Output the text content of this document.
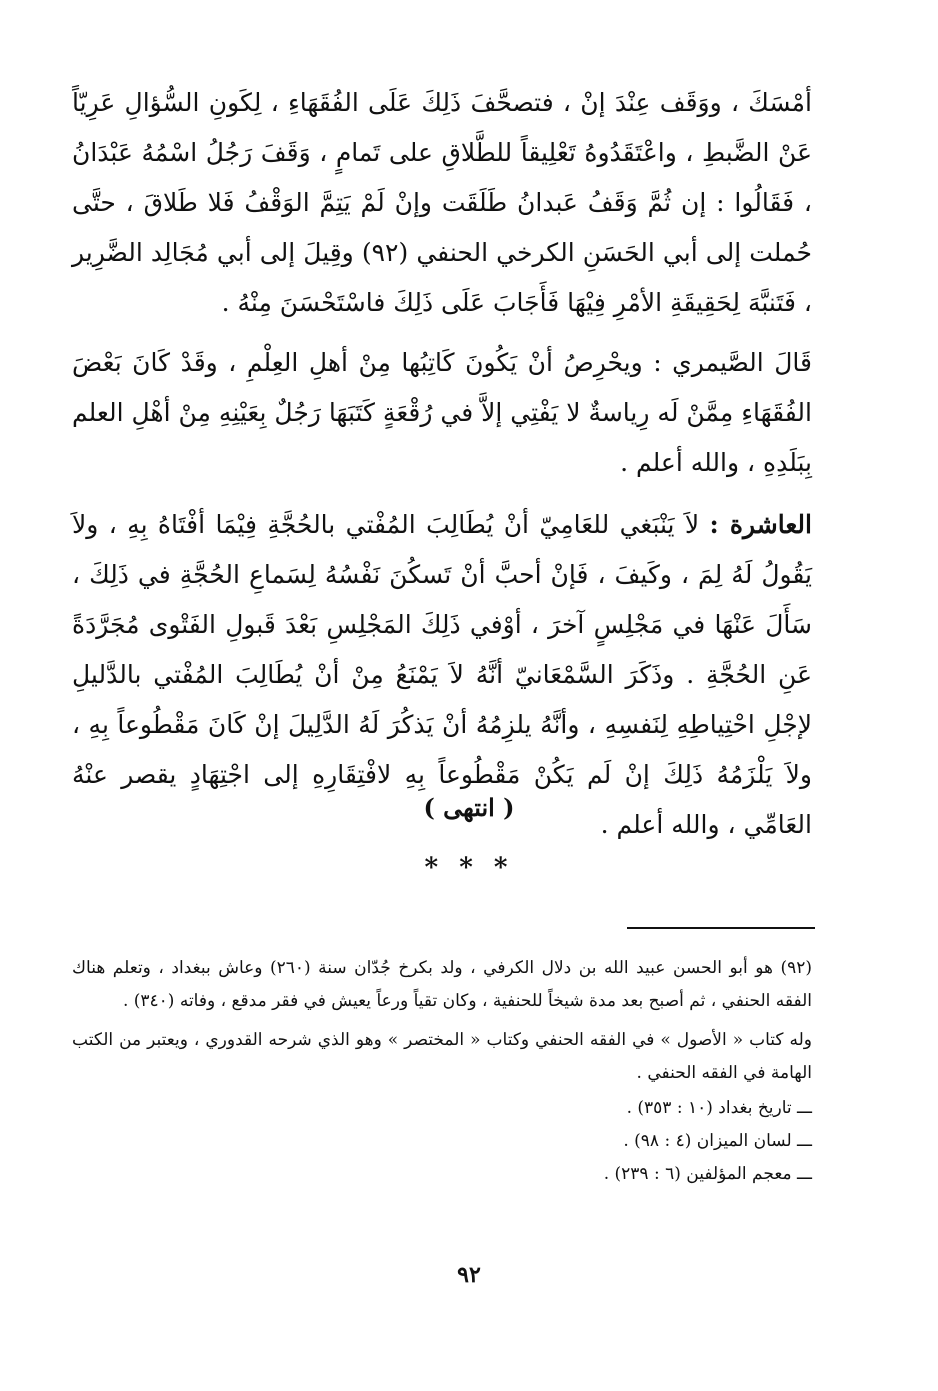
أمْسَكَ ، ووَقَف عِنْدَ إنْ ، فتصحَّفَ ذَلِكَ عَلَى الفُقَهَاءِ ، لِكَونِ السُّؤالِ عَرِيّاً عَنْ الضَّبطِ ، واعْتَقَدُوهُ تَعْلِيقاً للطَّلاقِ على تَمامٍ ، وَقَفَ رَجُلُ اسْمُهُ عَبْدَانُ ، فَقَالُوا : إن ثُمَّ وَقَفُ عَبدانُ طَلَقَت وإنْ لَمْ يَتِمَّ الوَقْفُ فَلا طَلاقَ ، حتَّى حُملت إلى أبي الحَسَنِ الكرخي الحنفي (٩٢) وقِيلَ إلى أبي مُجَالِد الضَّرِير ، فَتَنبَّهَ لِحَقِيقَةِ الأمْرِ فِيْهَا فَأَجَابَ عَلَى ذَلِكَ فاسْتَحْسَنَ مِنْهُ .

قَالَ الصَّيمري : ويحْرِصُ أنْ يَكُونَ كَاتِبُها مِنْ أهلِ العِلْمِ ، وقَدْ كَانَ بَعْضَ الفُقَهَاءِ مِمَّنْ لَه رِياسةٌ لا يَفْتِي إلاَّ في رُقْعَةٍ كَتَبَهَا رَجُلٌ بِعَيْنِهِ مِنْ أهْلِ العلم بِبَلَدِهِ ، والله أعلم .

العاشرة : لاَ يَنْبَغي للعَامِيّ أنْ يُطَالِبَ المُفْتي بالحُجَّةِ فِيْمَا أفْتَاهُ بِهِ ، ولاَ يَقُولُ لَهُ لِمَ ، وكَيفَ ، فَإنْ أحبَّ أنْ تَسكُنَ نَفْسُهُ لِسَماعِ الحُجَّةِ في ذَلِكَ ، سَأَلَ عَنْهَا في مَجْلِسٍ آخرَ ، أوْفي ذَلِكَ المَجْلِسِ بَعْدَ قَبولِ الفَتْوى مُجَرَّدَةً عَنِ الحُجَّةِ . وذَكَرَ السَّمْعَانيّ أنَّهُ لاَ يَمْنَعُ مِنْ أنْ يُطَالِبَ المُفْتي بالدَّليلِ لإجْلِ احْتِياطِهِ لِنَفسِهِ ، وأنَّهُ يلزِمُهُ أنْ يَذكُرَ لَهُ الدَّلِيلَ إنْ كَانَ مَقْطُوعاً بِهِ ، ولاَ يَلْزَمُهُ ذَلِكَ إنْ لَم يَكُنْ مَقْطُوعاً بِهِ لافْتِقَارِهِ إلى اجْتِهَادٍ يقصر عنْهُ العَامِّي ، والله أعلم .

( انتهى )
* * *

(٩٢) هو أبو الحسن عبيد الله بن دلال الكرفي ، ولد بكرخ جُدّان سنة (٢٦٠) وعاش ببغداد ، وتعلم هناك الفقه الحنفي ، ثم أصبح بعد مدة شيخاً للحنفية ، وكان تقياً ورعاً يعيش في فقر مدقع ، وفاته (٣٤٠) .

وله كتاب « الأصول » في الفقه الحنفي وكتاب « المختصر » وهو الذي شرحه القدوري ، ويعتبر من الكتب الهامة في الفقه الحنفي .

ـــ تاريخ بغداد (١٠ : ٣٥٣) .
ـــ لسان الميزان (٤ : ٩٨) .
ـــ معجم المؤلفين (٦ : ٢٣٩) .
٩٢
